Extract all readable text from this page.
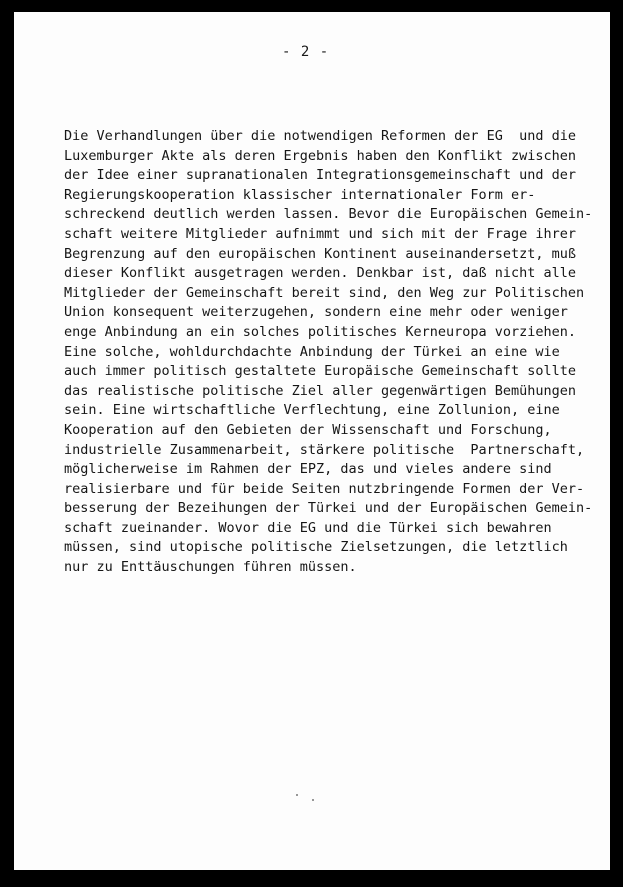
- 2 -

Die Verhandlungen über die notwendigen Reformen der EG  und die
Luxemburger Akte als deren Ergebnis haben den Konflikt zwischen
der Idee einer supranationalen Integrationsgemeinschaft und der
Regierungskooperation klassischer internationaler Form er-
schreckend deutlich werden lassen. Bevor die Europäischen Gemein-
schaft weitere Mitglieder aufnimmt und sich mit der Frage ihrer
Begrenzung auf den europäischen Kontinent auseinandersetzt, muß
dieser Konflikt ausgetragen werden. Denkbar ist, daß nicht alle
Mitglieder der Gemeinschaft bereit sind, den Weg zur Politischen
Union konsequent weiterzugehen, sondern eine mehr oder weniger
enge Anbindung an ein solches politisches Kerneuropa vorziehen.
Eine solche, wohldurchdachte Anbindung der Türkei an eine wie
auch immer politisch gestaltete Europäische Gemeinschaft sollte
das realistische politische Ziel aller gegenwärtigen Bemühungen
sein. Eine wirtschaftliche Verflechtung, eine Zollunion, eine
Kooperation auf den Gebieten der Wissenschaft und Forschung,
industrielle Zusammenarbeit, stärkere politische  Partnerschaft,
möglicherweise im Rahmen der EPZ, das und vieles andere sind
realisierbare und für beide Seiten nutzbringende Formen der Ver-
besserung der Bezeihungen der Türkei und der Europäischen Gemein-
schaft zueinander. Wovor die EG und die Türkei sich bewahren
müssen, sind utopische politische Zielsetzungen, die letztlich
nur zu Enttäuschungen führen müssen.
